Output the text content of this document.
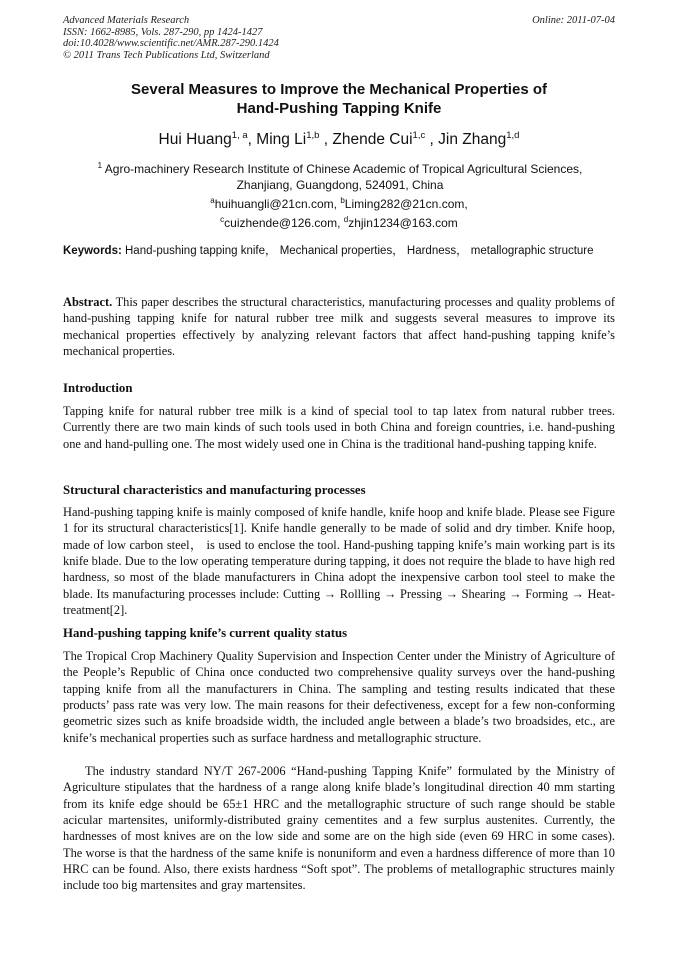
Advanced Materials Research
ISSN: 1662-8985, Vols. 287-290, pp 1424-1427
doi:10.4028/www.scientific.net/AMR.287-290.1424
© 2011 Trans Tech Publications Ltd, Switzerland
Online: 2011-07-04
Several Measures to Improve the Mechanical Properties of
Hand-Pushing Tapping Knife
Hui Huang$^{1, a}$, Ming Li$^{1,b}$ , Zhende Cui$^{1,c}$ , Jin Zhang$^{1,d}$
$^1$ Agro-machinery Research Institute of Chinese Academic of Tropical Agricultural Sciences,
Zhanjiang, Guangdong, 524091, China
$^a$huihuangli@21cn.com, $^b$Liming282@21cn.com,
$^c$cuizhende@126.com, $^d$zhjin1234@163.com
Keywords: Hand-pushing tapping knife， Mechanical properties， Hardness， metallographic structure
Abstract. This paper describes the structural characteristics, manufacturing processes and quality problems of hand-pushing tapping knife for natural rubber tree milk and suggests several measures to improve its mechanical properties effectively by analyzing relevant factors that affect hand-pushing tapping knife’s mechanical properties.
Introduction
Tapping knife for natural rubber tree milk is a kind of special tool to tap latex from natural rubber trees. Currently there are two main kinds of such tools used in both China and foreign countries, i.e. hand-pushing one and hand-pulling one. The most widely used one in China is the traditional hand-pushing tapping knife.
Structural characteristics and manufacturing processes
Hand-pushing tapping knife is mainly composed of knife handle, knife hoop and knife blade. Please see Figure 1 for its structural characteristics[1]. Knife handle generally to be made of solid and dry timber. Knife hoop, made of low carbon steel， is used to enclose the tool. Hand-pushing tapping knife’s main working part is its knife blade. Due to the low operating temperature during tapping, it does not require the blade to have high red hardness, so most of the blade manufacturers in China adopt the inexpensive carbon tool steel to make the blade. Its manufacturing processes include: Cutting → Rollling → Pressing → Shearing → Forming → Heat-treatment[2].
Hand-pushing tapping knife’s current quality status
The Tropical Crop Machinery Quality Supervision and Inspection Center under the Ministry of Agriculture of the People’s Republic of China once conducted two comprehensive quality surveys over the hand-pushing tapping knife from all the manufacturers in China. The sampling and testing results indicated that these products’ pass rate was very low. The main reasons for their defectiveness, except for a few non-conforming geometric sizes such as knife broadside width, the included angle between a blade’s two broadsides, etc., are knife’s mechanical properties such as surface hardness and metallographic structure.
The industry standard NY/T 267-2006 “Hand-pushing Tapping Knife” formulated by the Ministry of Agriculture stipulates that the hardness of a range along knife blade’s longitudinal direction 40 mm starting from its knife edge should be 65±1 HRC and the metallographic structure of such range should be stable acicular martensites, uniformly-distributed grainy cementites and a few surplus austenites. Currently, the hardnesses of most knives are on the low side and some are on the high side (even 69 HRC in some cases). The worse is that the hardness of the same knife is nonuniform and even a hardness difference of more than 10 HRC can be found. Also, there exists hardness “Soft spot”. The problems of metallographic structures mainly include too big martensites and gray martensites.
